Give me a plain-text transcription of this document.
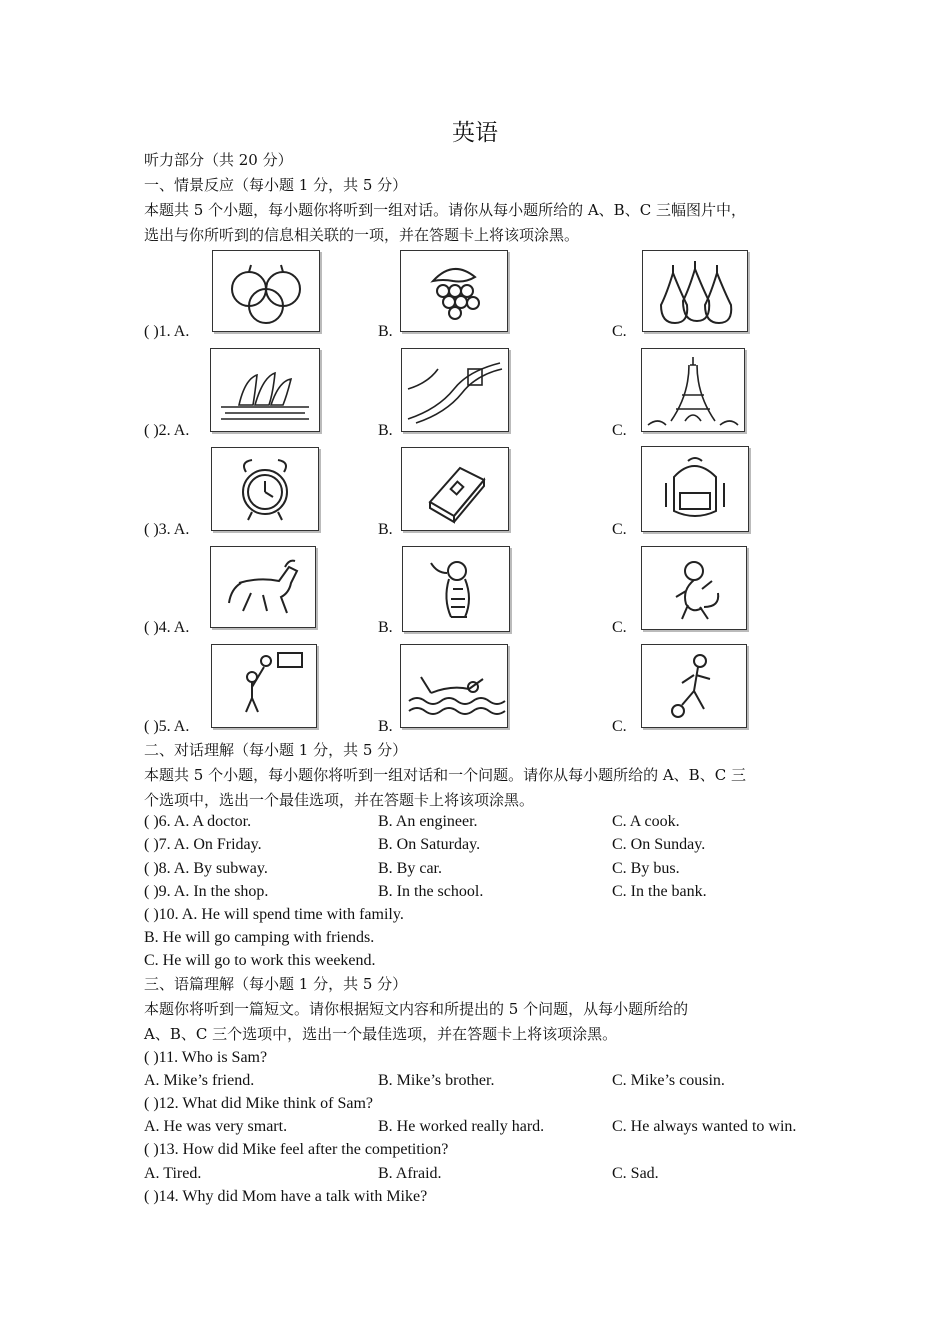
英语
听力部分（共 20 分）
一、情景反应（每小题 1 分，共 5 分）
本题共 5 个小题，每小题你将听到一组对话。请你从每小题所给的 A、B、C 三幅图片中，
选出与你所听到的信息相关联的一项，并在答题卡上将该项涂黑。
( )1. A.	B.	C.
( )2. A.	B.	C.
( )3. A.	B.	C.
( )4. A.	B.	C.
( )5. A.	B.	C.
二、对话理解（每小题 1 分，共 5 分）
本题共 5 个小题，每小题你将听到一组对话和一个问题。请你从每小题所给的 A、B、C 三
个选项中，选出一个最佳选项，并在答题卡上将该项涂黑。
( )6. A. A doctor.	B. An engineer.	C. A cook.
( )7. A. On Friday.	B. On Saturday.	C. On Sunday.
( )8. A. By subway.	B. By car.	C. By bus.
( )9. A. In the shop.	B. In the school.	C. In the bank.
( )10. A. He will spend time with family.
B. He will go camping with friends.
C. He will go to work this weekend.
三、语篇理解（每小题 1 分，共 5 分）
本题你将听到一篇短文。请你根据短文内容和所提出的 5 个问题，从每小题所给的
A、B、C 三个选项中，选出一个最佳选项，并在答题卡上将该项涂黑。
( )11. Who is Sam?
A. Mike’s friend.	B. Mike’s brother.	C. Mike’s cousin.
( )12. What did Mike think of Sam?
A. He was very smart.	B. He worked really hard.	C. He always wanted to win.
( )13. How did Mike feel after the competition?
A. Tired.	B. Afraid.	C. Sad.
( )14. Why did Mom have a talk with Mike?
